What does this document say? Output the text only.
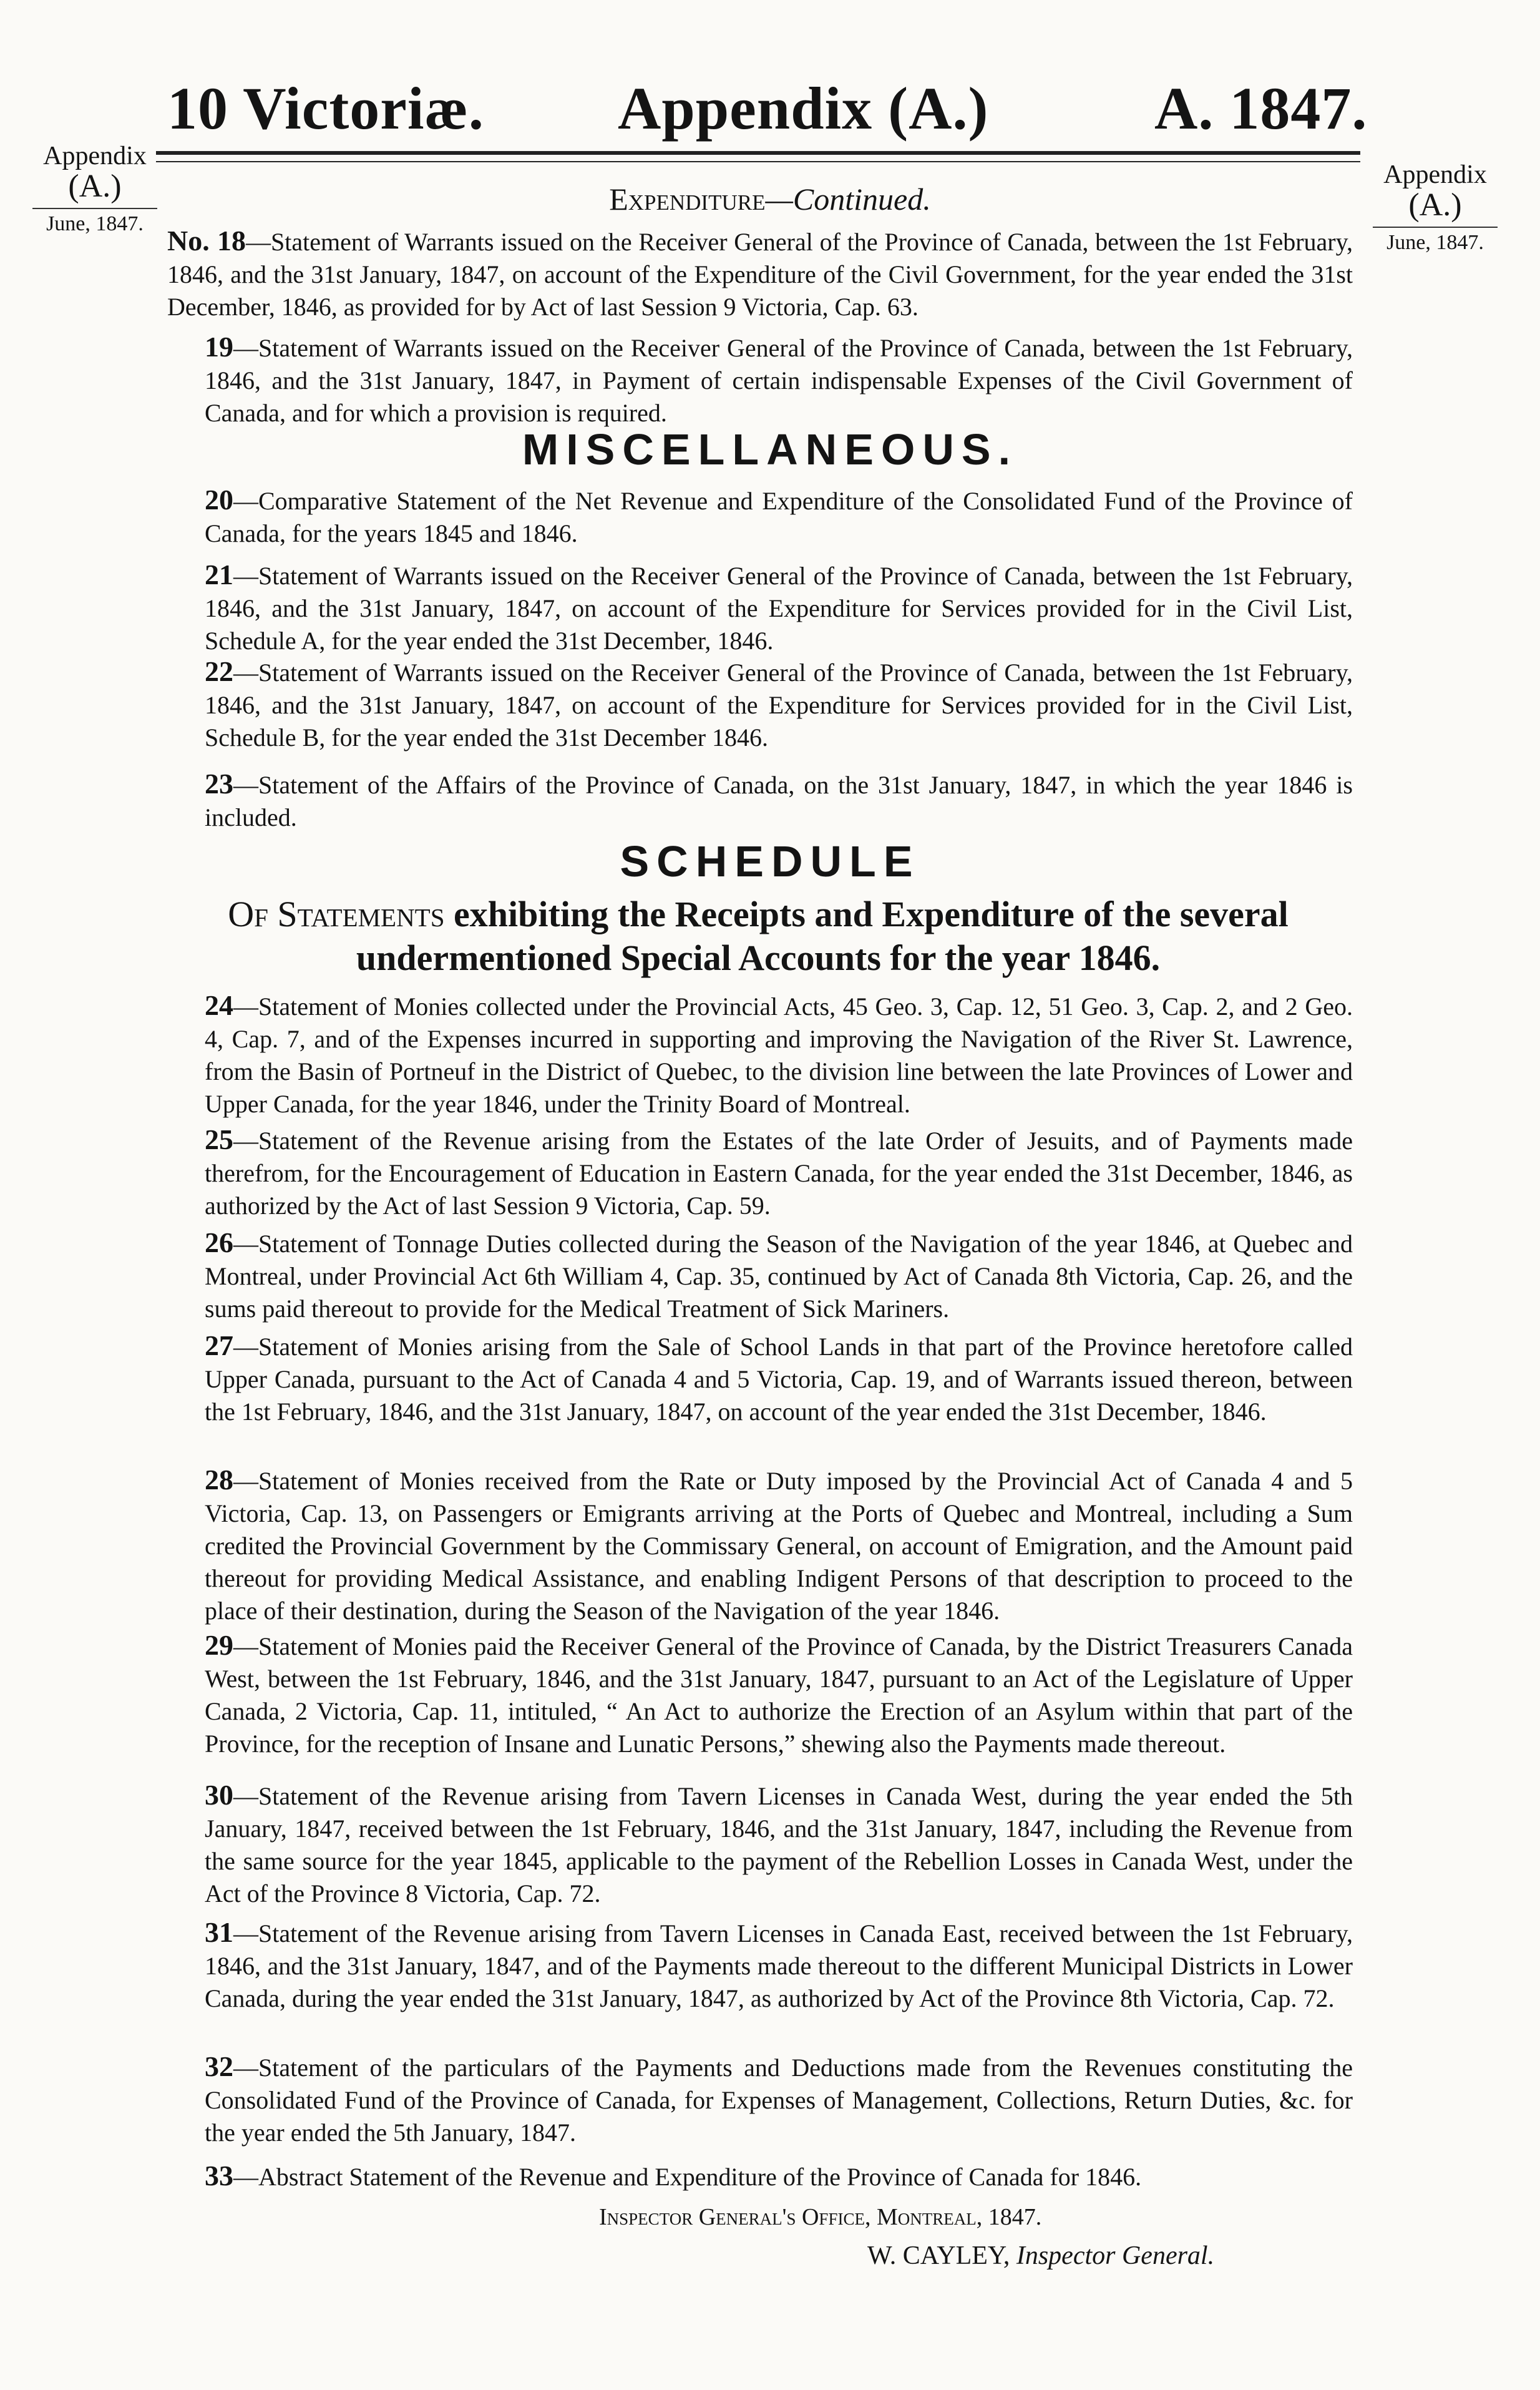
10 Victoriæ. Appendix (A.)	A. 1847.
Appendix
(A.)
June, 1847.
Appendix
(A.)
June, 1847.
Expenditure—Continued.
No. 18—Statement of Warrants issued on the Receiver General of the Province of Canada, between the 1st February, 1846, and the 31st January, 1847, on account of the Expenditure of the Civil Government, for the year ended the 31st December, 1846, as provided for by Act of last Session 9 Victoria, Cap. 63.
19—Statement of Warrants issued on the Receiver General of the Province of Canada, between the 1st February, 1846, and the 31st January, 1847, in Payment of certain indispensable Expenses of the Civil Government of Canada, and for which a provision is required.
MISCELLANEOUS.
20—Comparative Statement of the Net Revenue and Expenditure of the Consolidated Fund of the Province of Canada, for the years 1845 and 1846.
21—Statement of Warrants issued on the Receiver General of the Province of Canada, between the 1st February, 1846, and the 31st January, 1847, on account of the Expenditure for Services provided for in the Civil List, Schedule A, for the year ended the 31st December, 1846.
22—Statement of Warrants issued on the Receiver General of the Province of Canada, between the 1st February, 1846, and the 31st January, 1847, on account of the Expenditure for Services provided for in the Civil List, Schedule B, for the year ended the 31st December 1846.
23—Statement of the Affairs of the Province of Canada, on the 31st January, 1847, in which the year 1846 is included.
SCHEDULE
Of Statements exhibiting the Receipts and Expenditure of the several
undermentioned Special Accounts for the year 1846.
24—Statement of Monies collected under the Provincial Acts, 45 Geo. 3, Cap. 12, 51 Geo. 3, Cap. 2, and 2 Geo. 4, Cap. 7, and of the Expenses incurred in supporting and improving the Navigation of the River St. Lawrence, from the Basin of Portneuf in the District of Quebec, to the division line between the late Provinces of Lower and Upper Canada, for the year 1846, under the Trinity Board of Montreal.
25—Statement of the Revenue arising from the Estates of the late Order of Jesuits, and of Payments made therefrom, for the Encouragement of Education in Eastern Canada, for the year ended the 31st December, 1846, as authorized by the Act of last Session 9 Victoria, Cap. 59.
26—Statement of Tonnage Duties collected during the Season of the Navigation of the year 1846, at Quebec and Montreal, under Provincial Act 6th William 4, Cap. 35, continued by Act of Canada 8th Victoria, Cap. 26, and the sums paid thereout to provide for the Medical Treatment of Sick Mariners.
27—Statement of Monies arising from the Sale of School Lands in that part of the Province heretofore called Upper Canada, pursuant to the Act of Canada 4 and 5 Victoria, Cap. 19, and of Warrants issued thereon, between the 1st February, 1846, and the 31st January, 1847, on account of the year ended the 31st December, 1846.
28—Statement of Monies received from the Rate or Duty imposed by the Provincial Act of Canada 4 and 5 Victoria, Cap. 13, on Passengers or Emigrants arriving at the Ports of Quebec and Montreal, including a Sum credited the Provincial Government by the Commissary General, on account of Emigration, and the Amount paid thereout for providing Medical Assistance, and enabling Indigent Persons of that description to proceed to the place of their destination, during the Season of the Navigation of the year 1846.
29—Statement of Monies paid the Receiver General of the Province of Canada, by the District Treasurers Canada West, between the 1st February, 1846, and the 31st January, 1847, pursuant to an Act of the Legislature of Upper Canada, 2 Victoria, Cap. 11, intituled, “ An Act to authorize the Erection of an Asylum within that part of the Province, for the reception of Insane and Lunatic Persons,” shewing also the Payments made thereout.
30—Statement of the Revenue arising from Tavern Licenses in Canada West, during the year ended the 5th January, 1847, received between the 1st February, 1846, and the 31st January, 1847, including the Revenue from the same source for the year 1845, applicable to the payment of the Rebellion Losses in Canada West, under the Act of the Province 8 Victoria, Cap. 72.
31—Statement of the Revenue arising from Tavern Licenses in Canada East, received between the 1st February, 1846, and the 31st January, 1847, and of the Payments made thereout to the different Municipal Districts in Lower Canada, during the year ended the 31st January, 1847, as authorized by Act of the Province 8th Victoria, Cap. 72.
32—Statement of the particulars of the Payments and Deductions made from the Revenues constituting the Consolidated Fund of the Province of Canada, for Expenses of Management, Collections, Return Duties, &c. for the year ended the 5th January, 1847.
33—Abstract Statement of the Revenue and Expenditure of the Province of Canada for 1846.
Inspector General's Office, Montreal, 1847.
W. CAYLEY, Inspector General.
